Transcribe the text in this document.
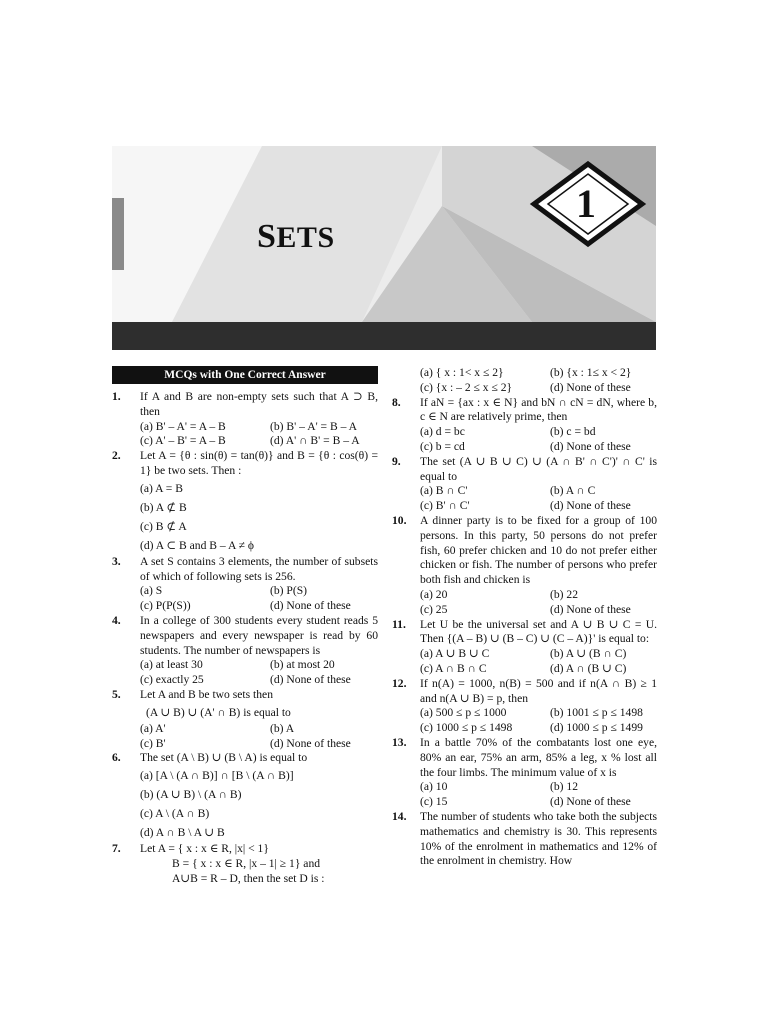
SETS
1
MCQs with One Correct Answer
1.	If A and B are non-empty sets such that A ⊃ B, then
(a) B' – A' = A – B	(b) B' – A' = B – A
(c) A' – B' = A – B	(d) A' ∩ B' = B – A
2.	Let A = {θ : sin(θ) = tan(θ)} and B = {θ : cos(θ) = 1} be two sets. Then :
(a) A = B
(b) A ⊄ B
(c) B ⊄ A
(d) A ⊂ B and B – A ≠ ϕ
3.	A set S contains 3 elements, the number of subsets of which of following sets is 256.
(a) S	(b) P(S)
(c) P(P(S))	(d) None of these
4.	In a college of 300 students every student reads 5 newspapers and every newspaper is read by 60 students. The number of newspapers is
(a) at least 30	(b) at most 20
(c) exactly 25	(d) None of these
5.	Let A and B be two sets then
(A ∪ B) ∪ (A' ∩ B) is equal to
(a) A'	(b) A
(c) B'	(d) None of these
6.	The set (A \ B) ∪ (B \ A) is equal to
(a) [A \ (A ∩ B)] ∩ [B \ (A ∩ B)]
(b) (A ∪ B) \ (A ∩ B)
(c) A \ (A ∩ B)
(d) A ∩ B \ A ∪ B
7.	Let A = { x : x ∈ R, |x| < 1}
B = { x : x ∈ R, |x – 1| ≥ 1} and
A∪B = R – D, then the set D is :
(a) { x : 1< x ≤ 2}	(b) {x : 1≤ x < 2}
(c) {x : – 2 ≤ x ≤ 2}	(d) None of these
8.	If aN = {ax : x ∈ N} and bN ∩ cN = dN, where b, c ∈ N are relatively prime, then
(a) d = bc	(b) c = bd
(c) b = cd	(d) None of these
9.	The set (A ∪ B ∪ C) ∪ (A ∩ B' ∩ C')' ∩ C' is equal to
(a) B ∩ C'	(b) A ∩ C
(c) B' ∩ C'	(d) None of these
10.	A dinner party is to be fixed for a group of 100 persons. In this party, 50 persons do not prefer fish, 60 prefer chicken and 10 do not prefer either chicken or fish. The number of persons who prefer both fish and chicken is
(a) 20	(b) 22
(c) 25	(d) None of these
11.	Let U be the universal set and A ∪ B ∪ C = U. Then {(A – B) ∪ (B – C) ∪ (C – A)}' is equal to:
(a) A ∪ B ∪ C	(b) A ∪ (B ∩ C)
(c) A ∩ B ∩ C	(d) A ∩ (B ∪ C)
12.	If n(A) = 1000, n(B) = 500 and if n(A ∩ B) ≥ 1 and n(A ∪ B) = p, then
(a) 500 ≤ p ≤ 1000	(b) 1001 ≤ p ≤ 1498
(c) 1000 ≤ p ≤ 1498	(d) 1000 ≤ p ≤ 1499
13.	In a battle 70% of the combatants lost one eye, 80% an ear, 75% an arm, 85% a leg, x % lost all the four limbs. The minimum value of x is
(a) 10	(b) 12
(c) 15	(d) None of these
14.	The number of students who take both the subjects mathematics and chemistry is 30. This represents 10% of the enrolment in mathematics and 12% of the enrolment in chemistry. How
